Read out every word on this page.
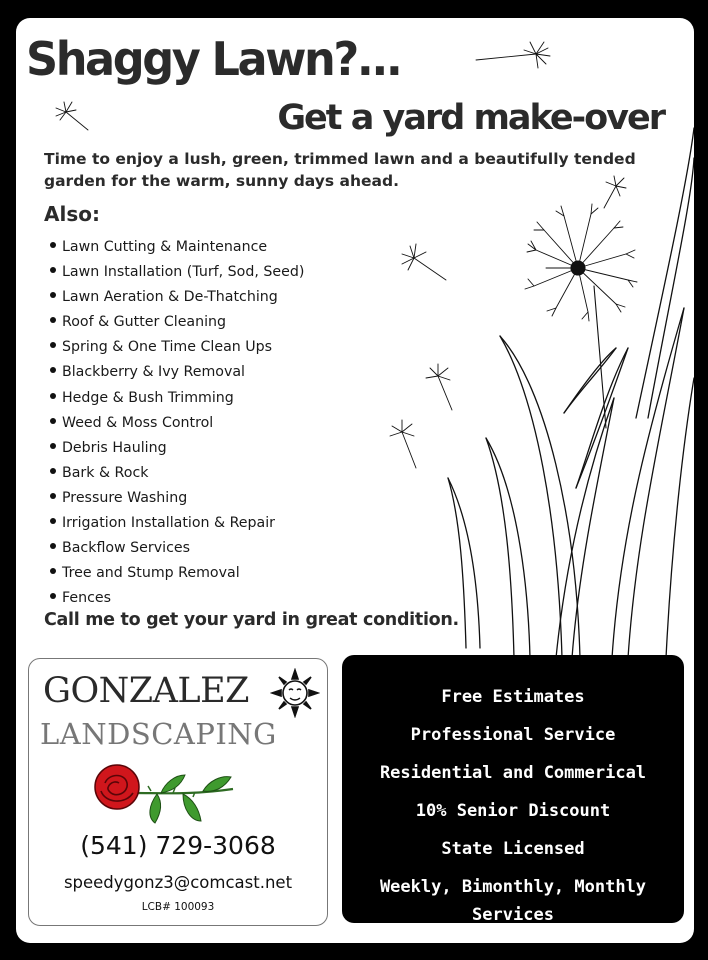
Shaggy Lawn?...
Get a yard make-over

Time to enjoy a lush, green, trimmed lawn and a beautifully tended garden for the warm, sunny days ahead.

Also:

Lawn Cutting & Maintenance
Lawn Installation (Turf, Sod, Seed)
Lawn Aeration & De-Thatching
Roof & Gutter Cleaning
Spring & One Time Clean Ups
Blackberry & Ivy Removal
Hedge & Bush Trimming
Weed & Moss Control
Debris Hauling
Bark & Rock
Pressure Washing
Irrigation Installation & Repair
Backflow Services
Tree and Stump Removal
Fences

Call me to get your yard in great condition.

GONZALEZ

LANDSCAPING

(541) 729-3068

speedygonz3@comcast.net

LCB# 100093

Free Estimates

Professional Service

Residential and Commerical

10% Senior Discount

State Licensed

Weekly, Bimonthly, Monthly Services
